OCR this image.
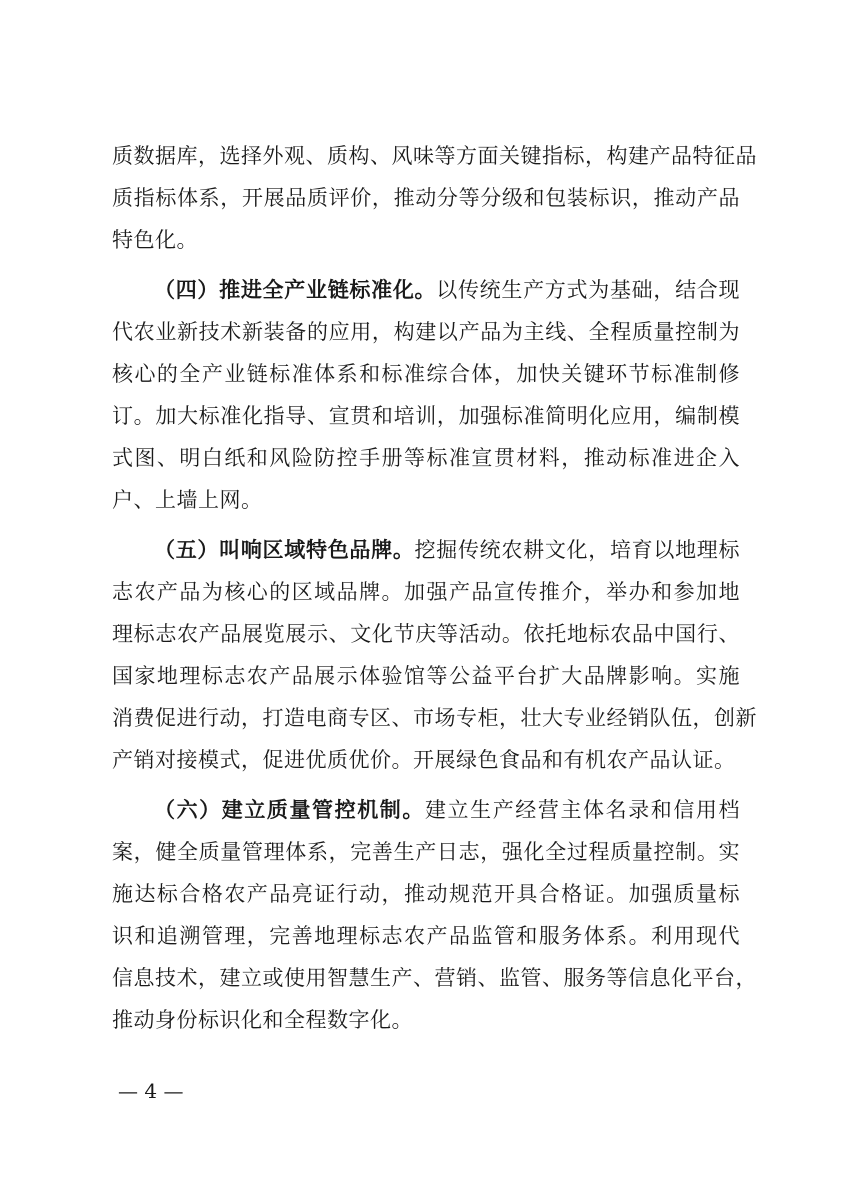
质数据库，选择外观、质构、风味等方面关键指标，构建产品特征品
质指标体系，开展品质评价，推动分等分级和包装标识，推动产品
特色化。
（四）推进全产业链标准化。以传统生产方式为基础，结合现
代农业新技术新装备的应用，构建以产品为主线、全程质量控制为
核心的全产业链标准体系和标准综合体，加快关键环节标准制修
订。加大标准化指导、宣贯和培训，加强标准简明化应用，编制模
式图、明白纸和风险防控手册等标准宣贯材料，推动标准进企入
户、上墙上网。
（五）叫响区域特色品牌。挖掘传统农耕文化，培育以地理标
志农产品为核心的区域品牌。加强产品宣传推介，举办和参加地
理标志农产品展览展示、文化节庆等活动。依托地标农品中国行、
国家地理标志农产品展示体验馆等公益平台扩大品牌影响。实施
消费促进行动，打造电商专区、市场专柜，壮大专业经销队伍，创新
产销对接模式，促进优质优价。开展绿色食品和有机农产品认证。
（六）建立质量管控机制。建立生产经营主体名录和信用档
案，健全质量管理体系，完善生产日志，强化全过程质量控制。实
施达标合格农产品亮证行动，推动规范开具合格证。加强质量标
识和追溯管理，完善地理标志农产品监管和服务体系。利用现代
信息技术，建立或使用智慧生产、营销、监管、服务等信息化平台，
推动身份标识化和全程数字化。
— 4 —
